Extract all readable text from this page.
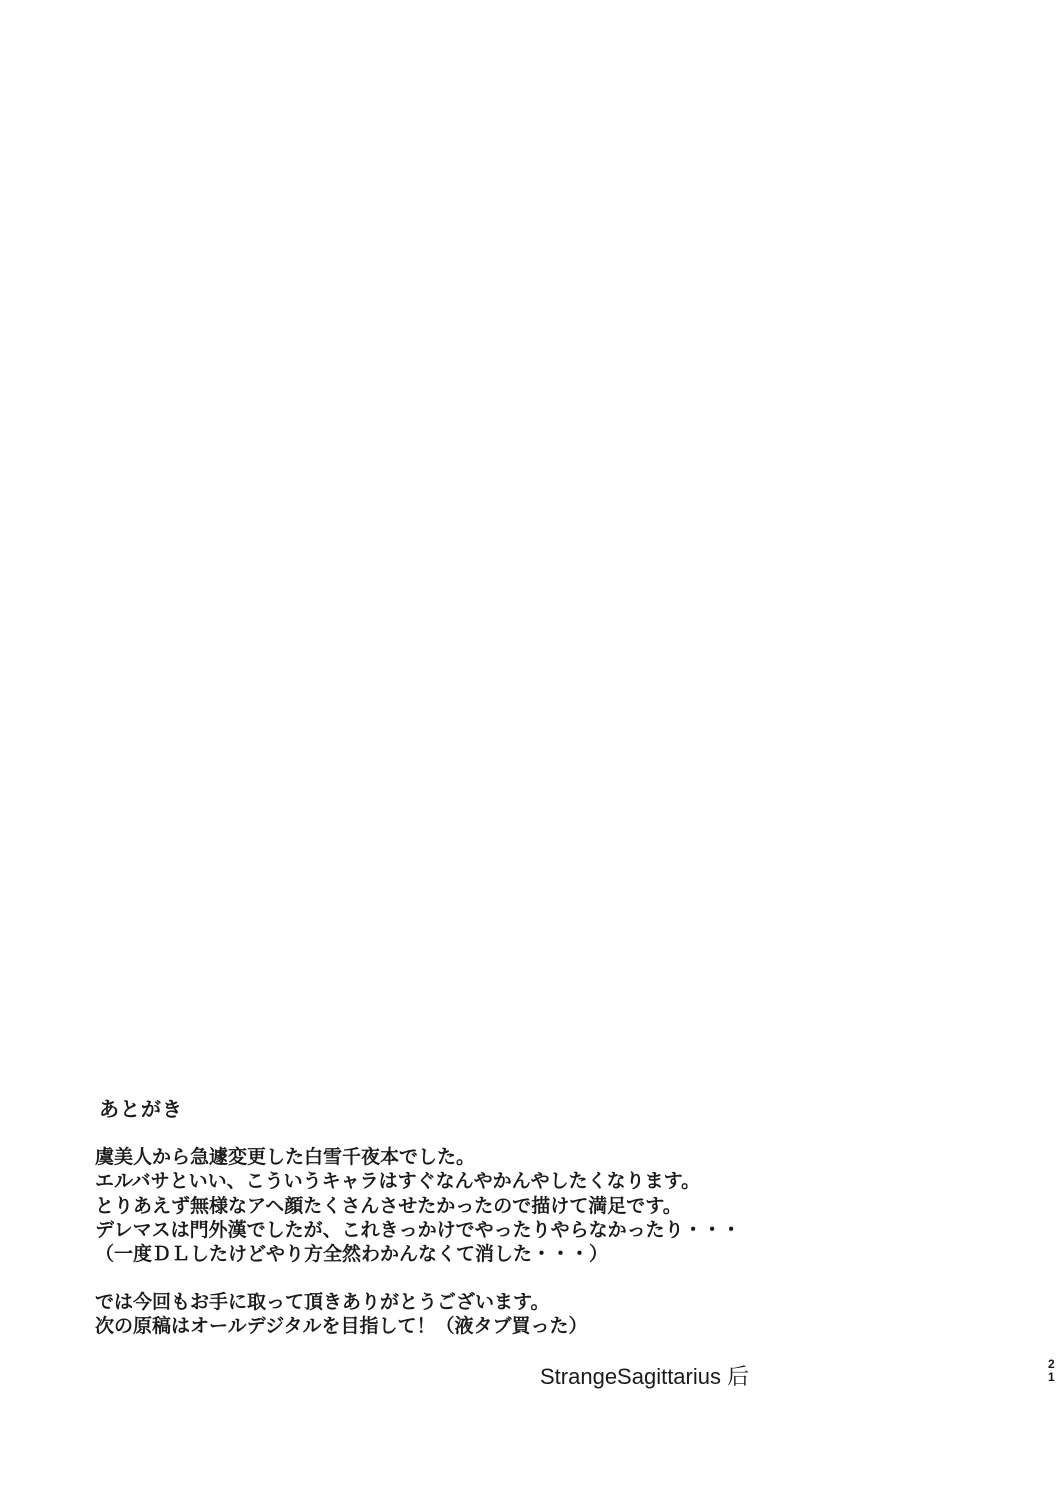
あとがき
虞美人から急遽変更した白雪千夜本でした。
エルバサといい、こういうキャラはすぐなんやかんやしたくなります。
とりあえず無様なアヘ顔たくさんさせたかったので描けて満足です。
デレマスは門外漢でしたが、これきっかけでやったりやらなかったり・・・
（一度ＤＬしたけどやり方全然わかんなくて消した・・・）
では今回もお手に取って頂きありがとうございます。
次の原稿はオールデジタルを目指して！（液タブ買った）
StrangeSagittarius 后	21
